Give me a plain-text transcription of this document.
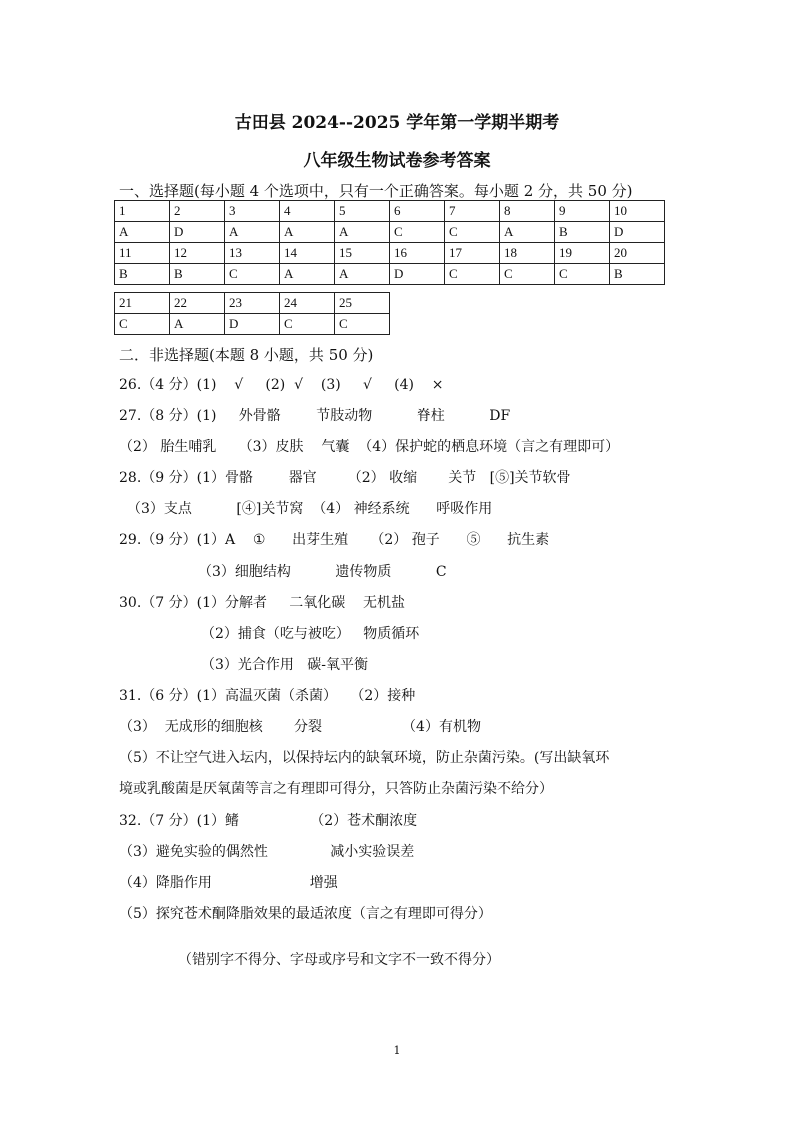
古田县 2024--2025 学年第一学期半期考
八年级生物试卷参考答案
一、选择题(每小题 4 个选项中，只有一个正确答案。每小题 2 分，共 50 分)
1	2	3	4	5	6	7	8	9	10
A	D	A	A	A	C	C	A	B	D
11	12	13	14	15	16	17	18	19	20
B	B	C	A	A	D	C	C	C	B
21	22	23	24	25
C	A	D	C	C
二．非选择题(本题 8 小题，共 50 分)
26.（4 分）(1)    √     (2)  √    (3)     √     (4)    ×
27.（8 分）(1)     外骨骼        节肢动物          脊柱          DF
（2） 胎生哺乳     （3）皮肤    气囊  （4）保护蛇的栖息环境（言之有理即可）
28.（9 分）(1）骨骼        器官       （2） 收缩       关节   [⑤]关节软骨
（3）支点          [④]关节窝  （4） 神经系统      呼吸作用
29.（9 分）(1）A    ①      出芽生殖     （2） 孢子      ⑤      抗生素
（3）细胞结构          遗传物质          C
30.（7 分）(1）分解者     二氧化碳    无机盐
（2）捕食（吃与被吃）   物质循环
（3）光合作用   碳-氧平衡
31.（6 分）(1）高温灭菌（杀菌）   （2）接种
（3）  无成形的细胞核       分裂                  （4）有机物
（5）不让空气进入坛内，以保持坛内的缺氧环境，防止杂菌污染。(写出缺氧环
境或乳酸菌是厌氧菌等言之有理即可得分，只答防止杂菌污染不给分）
32.（7 分）(1）鳍                （2）苍术酮浓度
（3）避免实验的偶然性              减小实验误差
（4）降脂作用                      增强
（5）探究苍术酮降脂效果的最适浓度（言之有理即可得分）
（错别字不得分、字母或序号和文字不一致不得分）
1
